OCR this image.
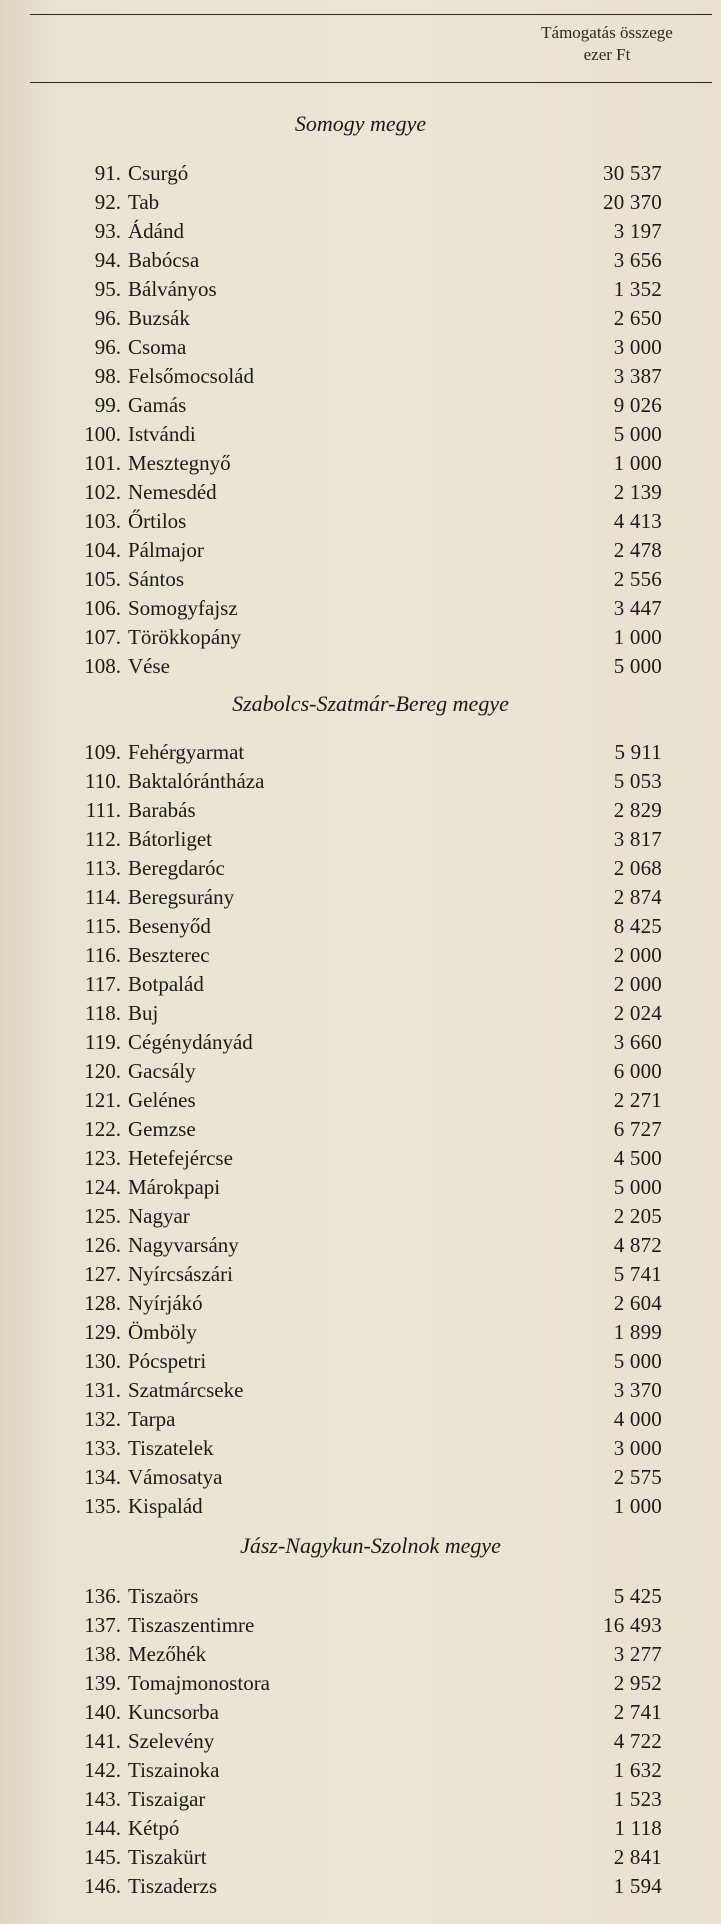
Támogatás összege
ezer Ft
Somogy megye
91. Csurgó	30 537
92. Tab	20 370
93. Ádánd	3 197
94. Babócsa	3 656
95. Bálványos	1 352
96. Buzsák	2 650
96. Csoma	3 000
98. Felsőmocsolád	3 387
99. Gamás	9 026
100. Istvándi	5 000
101. Mesztegnyő	1 000
102. Nemesdéd	2 139
103. Őrtilos	4 413
104. Pálmajor	2 478
105. Sántos	2 556
106. Somogyfajsz	3 447
107. Törökkopány	1 000
108. Vése	5 000
Szabolcs-Szatmár-Bereg megye
109. Fehérgyarmat	5 911
110. Baktalórántháza	5 053
111. Barabás	2 829
112. Bátorliget	3 817
113. Beregdaróc	2 068
114. Beregsurány	2 874
115. Besenyőd	8 425
116. Beszterec	2 000
117. Botpalád	2 000
118. Buj	2 024
119. Cégénydányád	3 660
120. Gacsály	6 000
121. Gelénes	2 271
122. Gemzse	6 727
123. Hetefejércse	4 500
124. Márokpapi	5 000
125. Nagyar	2 205
126. Nagyvarsány	4 872
127. Nyírcsászári	5 741
128. Nyírjákó	2 604
129. Ömböly	1 899
130. Pócspetri	5 000
131. Szatmárcseke	3 370
132. Tarpa	4 000
133. Tiszatelek	3 000
134. Vámosatya	2 575
135. Kispalád	1 000
Jász-Nagykun-Szolnok megye
136. Tiszaörs	5 425
137. Tiszaszentimre	16 493
138. Mezőhék	3 277
139. Tomajmonostora	2 952
140. Kuncsorba	2 741
141. Szelevény	4 722
142. Tiszainoka	1 632
143. Tiszaigar	1 523
144. Kétpó	1 118
145. Tiszakürt	2 841
146. Tiszaderzs	1 594
